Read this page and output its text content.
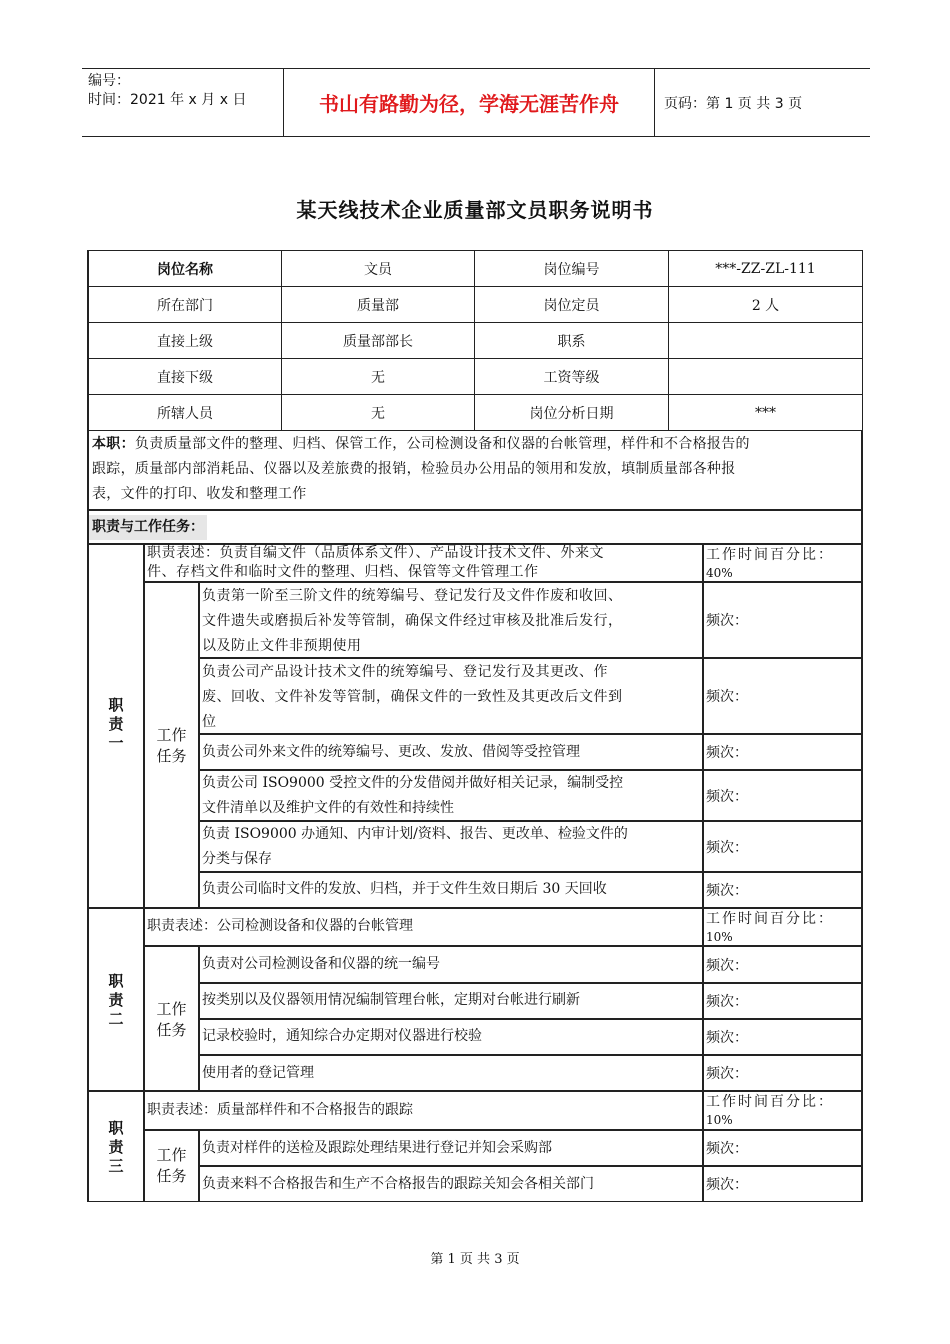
编号：
时间：2021 年 x 月 x 日	书山有路勤为径，学海无涯苦作舟	页码：第 1 页 共 3 页
某天线技术企业质量部文员职务说明书
岗位名称	文员	岗位编号	***-ZZ-ZL-111
所在部门	质量部	岗位定员	2 人
直接上级	质量部部长	职系	
直接下级	无	工资等级	
所辖人员	无	岗位分析日期	***
本职：负责质量部文件的整理、归档、保管工作，公司检测设备和仪器的台帐管理，样件和不合格报告的
跟踪，质量部内部消耗品、仪器以及差旅费的报销，检验员办公用品的领用和发放，填制质量部各种报
表，文件的打印、收发和整理工作
职责与工作任务：
职
责
一
职责表述：负责自编文件（品质体系文件）、产品设计技术文件、外来文
件、存档文件和临时文件的整理、归档、保管等文件管理工作
工作时间百分比：
40%
工作
任务
负责第一阶至三阶文件的统筹编号、登记发行及文件作废和收回、
文件遗失或磨损后补发等管制，确保文件经过审核及批准后发行，
以及防止文件非预期使用
频次：
负责公司产品设计技术文件的统筹编号、登记发行及其更改、作
废、回收、文件补发等管制，确保文件的一致性及其更改后文件到
位
频次：
负责公司外来文件的统筹编号、更改、发放、借阅等受控管理	频次：
负责公司 ISO9000 受控文件的分发借阅并做好相关记录，编制受控
文件清单以及维护文件的有效性和持续性
频次：
负责 ISO9000 办通知、内审计划/资料、报告、更改单、检验文件的
分类与保存
频次：
负责公司临时文件的发放、归档，并于文件生效日期后 30 天回收	频次：
职
责
二
职责表述：公司检测设备和仪器的台帐管理	工作时间百分比：
10%
工作
任务
负责对公司检测设备和仪器的统一编号	频次：
按类别以及仪器领用情况编制管理台帐，定期对台帐进行刷新	频次：
记录校验时，通知综合办定期对仪器进行校验	频次：
使用者的登记管理	频次：
职
责
三
职责表述：质量部样件和不合格报告的跟踪	工作时间百分比：
10%
工作
任务
负责对样件的送检及跟踪处理结果进行登记并知会采购部	频次：
负责来料不合格报告和生产不合格报告的跟踪关知会各相关部门	频次：
第 1 页 共 3 页
